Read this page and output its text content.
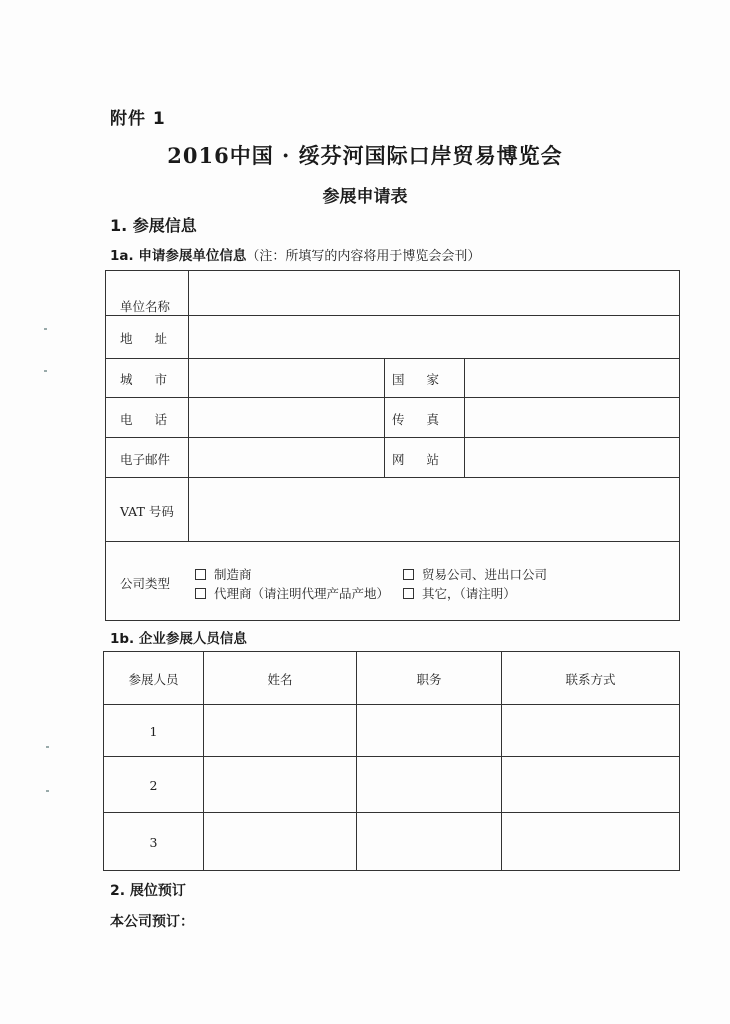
附件 1
2016中国 · 绥芬河国际口岸贸易博览会
参展申请表
1. 参展信息
1a. 申请参展单位信息（注：所填写的内容将用于博览会会刊）
单位名称
地址
城市	国家
电话	传真
电子邮件	网站
VAT 号码
公司类型
制造商	贸易公司、进出口公司
代理商（请注明代理产品产地）	其它，（请注明）
1b. 企业参展人员信息
参展人员	姓名	职务	联系方式
1
2
3
2. 展位预订
本公司预订：
